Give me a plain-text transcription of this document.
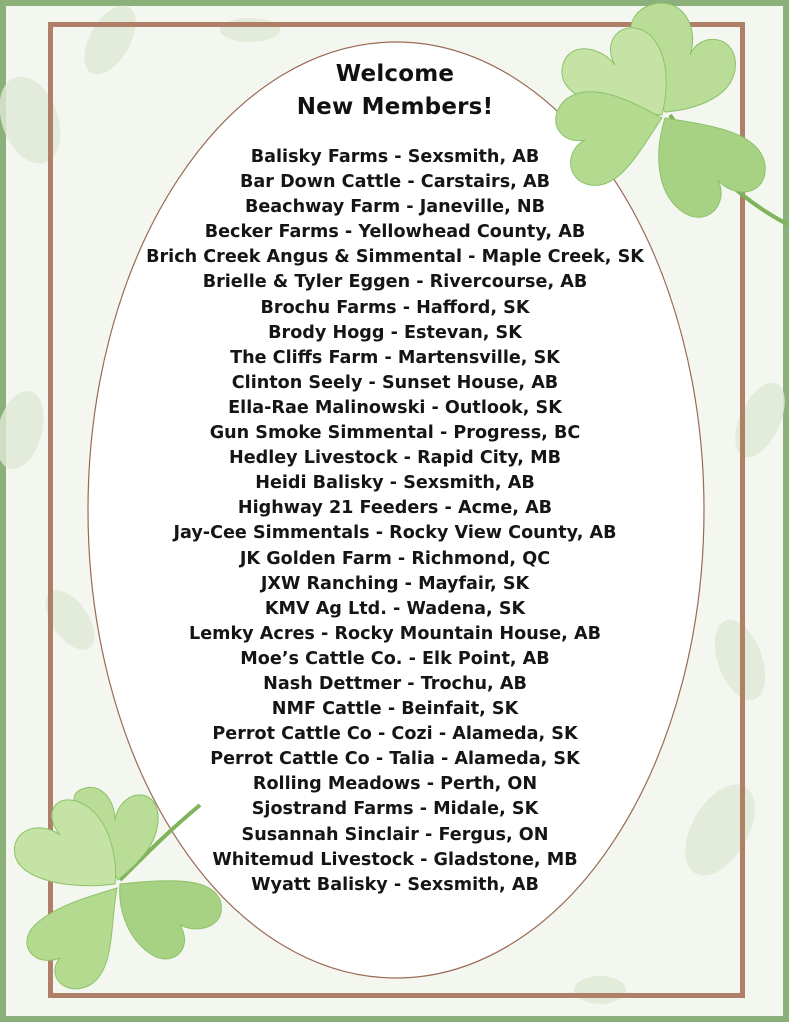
Welcome
New Members!
Balisky Farms - Sexsmith, AB
Bar Down Cattle - Carstairs, AB
Beachway Farm - Janeville, NB
Becker Farms - Yellowhead County, AB
Brich Creek Angus & Simmental - Maple Creek, SK
Brielle & Tyler Eggen - Rivercourse, AB
Brochu Farms - Hafford, SK
Brody Hogg - Estevan, SK
The Cliffs Farm - Martensville, SK
Clinton Seely - Sunset House, AB
Ella-Rae Malinowski - Outlook, SK
Gun Smoke Simmental - Progress, BC
Hedley Livestock - Rapid City, MB
Heidi Balisky - Sexsmith, AB
Highway 21 Feeders - Acme, AB
Jay-Cee Simmentals - Rocky View County, AB
JK Golden Farm - Richmond, QC
JXW Ranching - Mayfair, SK
KMV Ag Ltd. - Wadena, SK
Lemky Acres - Rocky Mountain House, AB
Moe’s Cattle Co. - Elk Point, AB
Nash Dettmer - Trochu, AB
NMF Cattle - Beinfait, SK
Perrot Cattle Co - Cozi - Alameda, SK
Perrot Cattle Co - Talia - Alameda, SK
Rolling Meadows - Perth, ON
Sjostrand Farms - Midale, SK
Susannah Sinclair - Fergus, ON
Whitemud Livestock - Gladstone, MB
Wyatt Balisky - Sexsmith, AB
